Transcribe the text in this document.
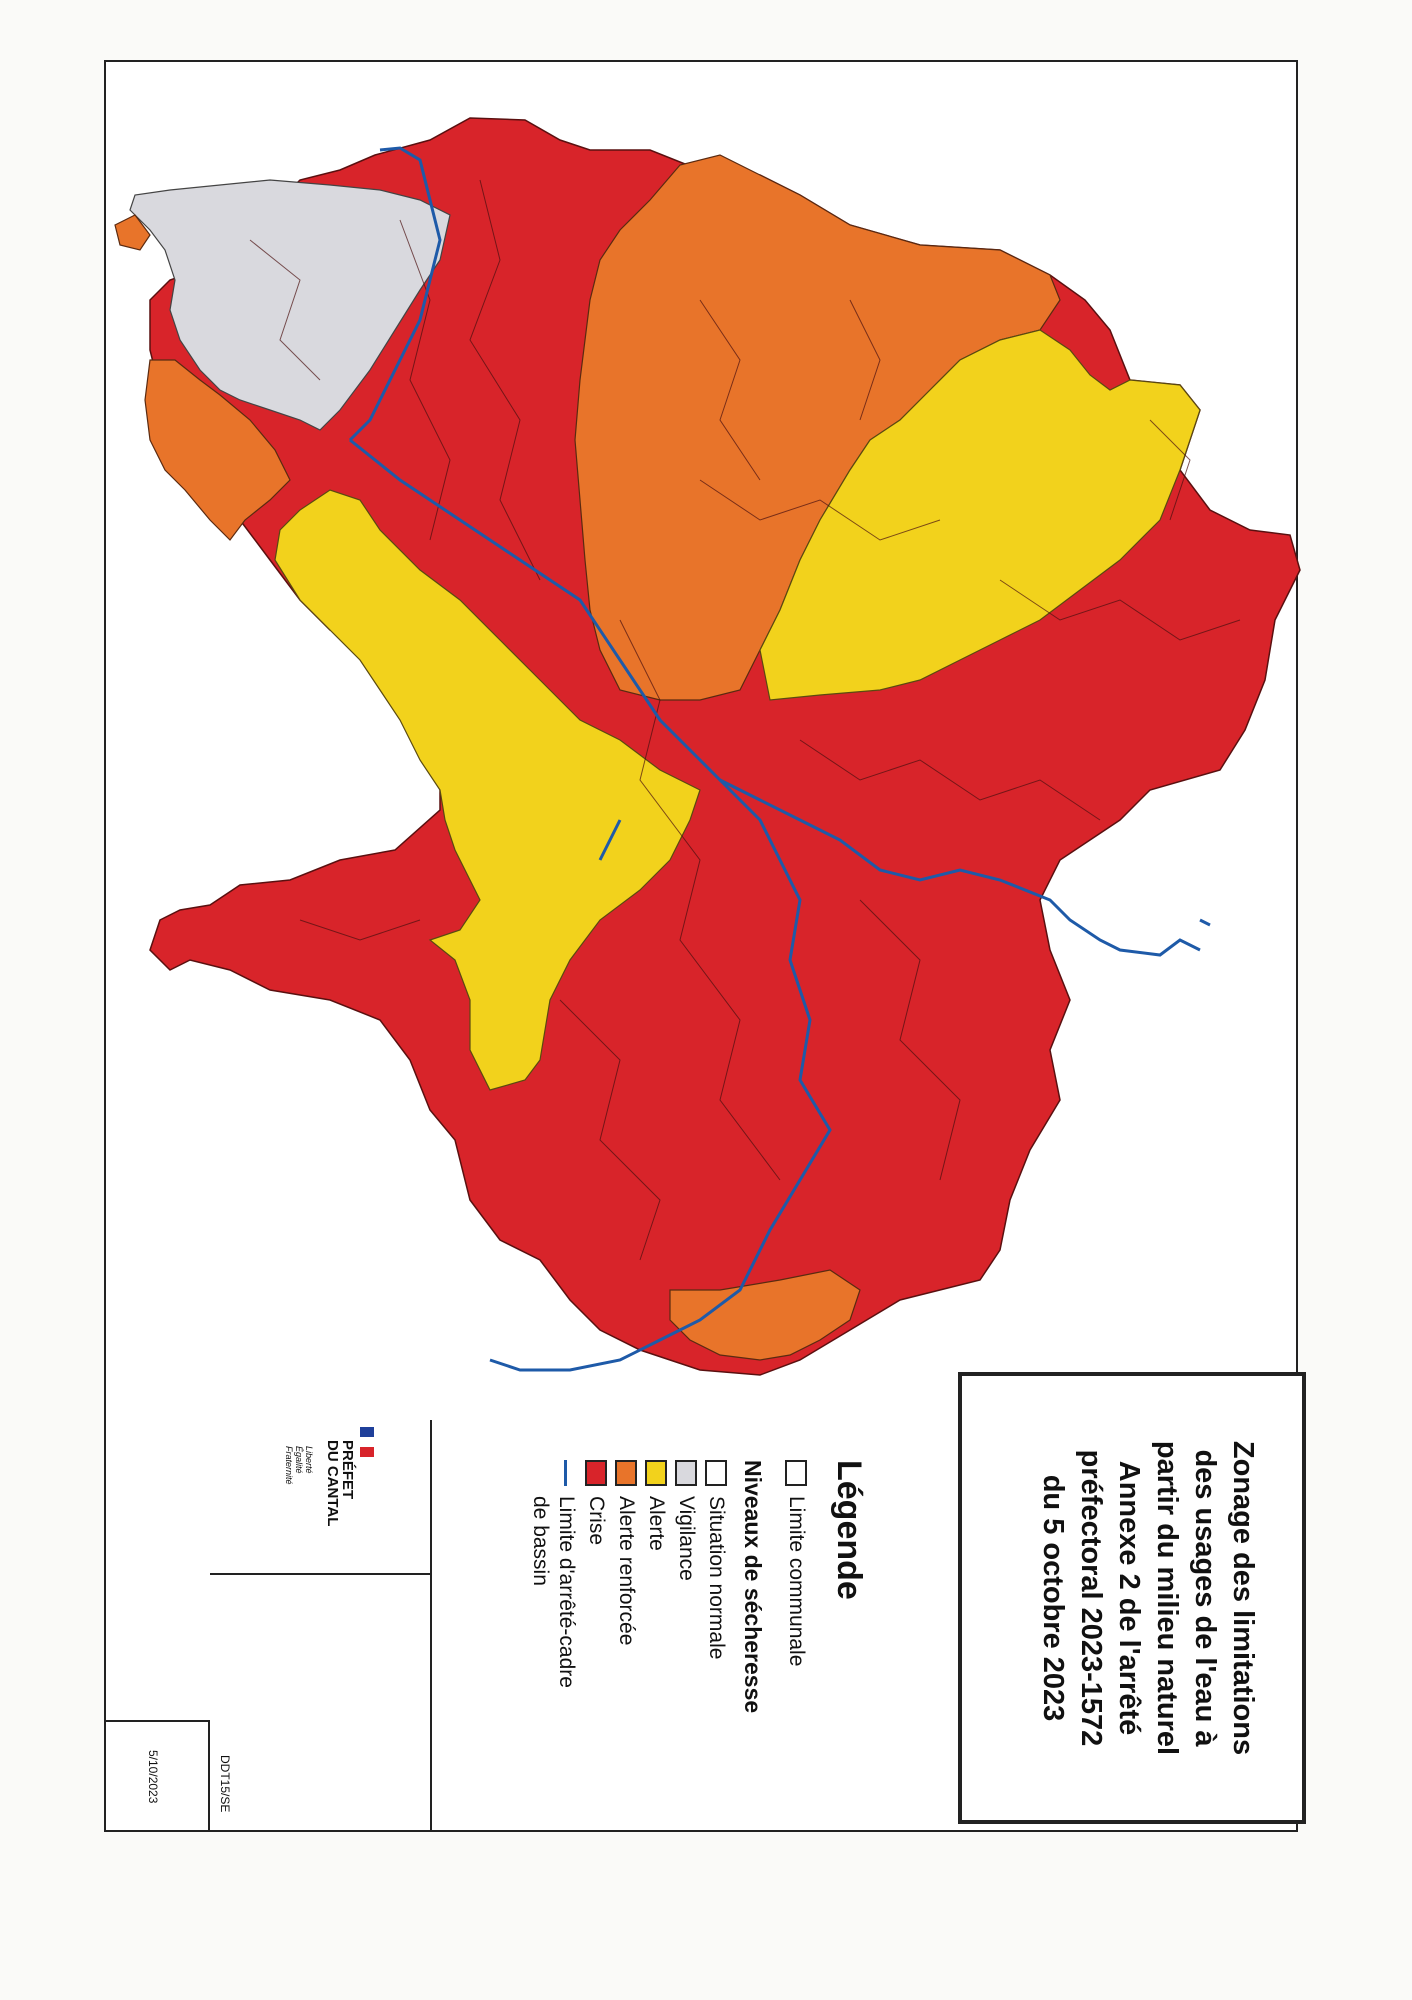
Zonage des limitations
des usages de l'eau à
partir du milieu naturel
Annexe 2 de l'arrêté
préfectoral 2023-1572
du 5 octobre 2023
Légende
Limite communale
Niveaux de sécheresse
Situation normale
Vigilance
Alerte
Alerte renforcée
Crise
Limite d'arrêté-cadre
de bassin
PRÉFET
DU CANTAL
Liberté
Égalité
Fraternité
DDT15/SE
5/10/2023
